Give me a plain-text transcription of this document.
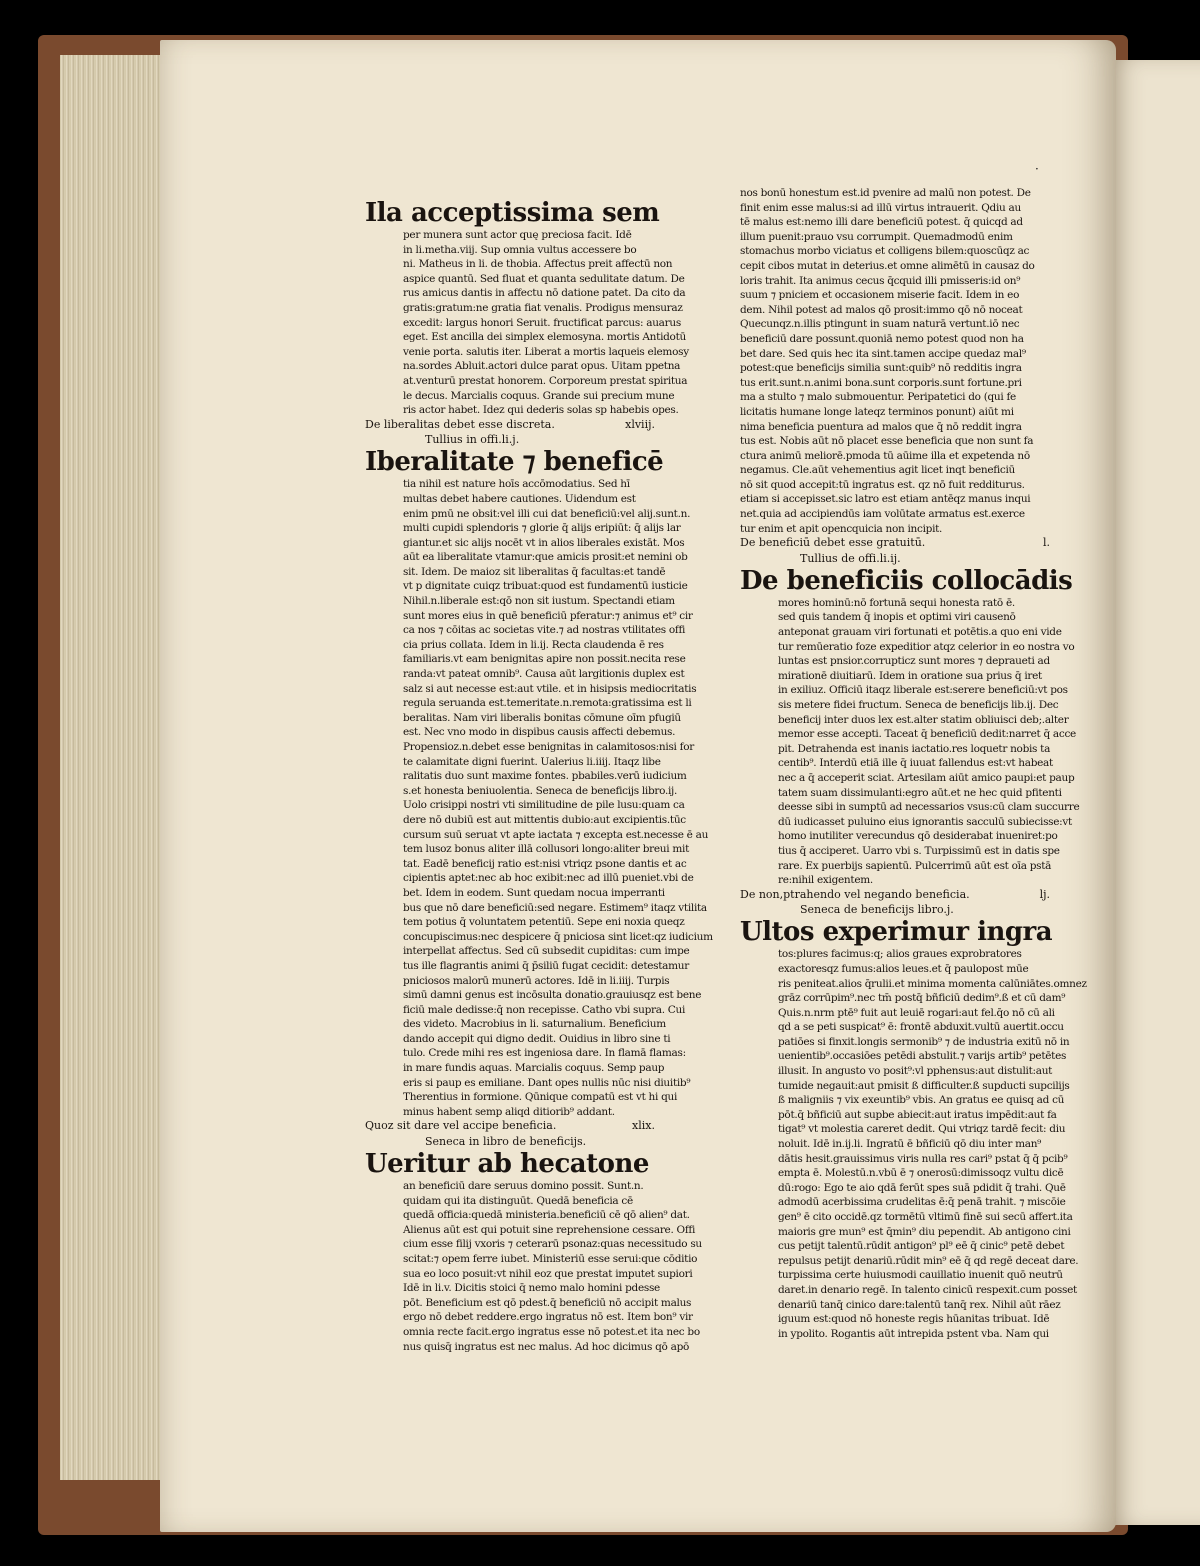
·
Ila acceptissima sem
per munera sunt actor quę preciosa facit. Idē
in li.metha.viij. Sup omnia vultus accessere bo
ni. Matheus in li. de thobia. Affectus preit affectū non
aspice quantū. Sed fluat et quanta sedulitate datum. De
rus amicus dantis in affectu nō datione patet. Da cito da
gratis:gratum:ne gratia fiat venalis. Prodigus mensuraz
excedit: largus honori Seruit. fructificat parcus: auarus
eget. Est ancilla dei simplex elemosyna. mortis Antidotū
venie porta. salutis iter. Liberat a mortis laqueis elemosy
na.sordes Abluit.actori dulce parat opus. Uitam ppetna
at.venturū prestat honorem. Corporeum prestat spiritua
le decus. Marcialis coquus. Grande sui precium mune
ris actor habet. Idez qui dederis solas sp habebis opes.
De liberalitas debet esse discreta.	xlviij.
Tullius in offi.li.j.
Iberalitate ⁊ beneficē
tia nihil est nature hoīs accōmodatius. Sed hī
multas debet habere cautiones. Uidendum est
enim pmū ne obsit:vel illi cui dat beneficiū:vel alij.sunt.n.
multi cupidi splendoris ⁊ glorie q̄ alijs eripiūt: q̄ alijs lar
giantur.et sic alijs nocēt vt in alios liberales existāt. Mos
aūt ea liberalitate vtamur:que amicis prosit:et nemini ob
sit. Idem. De maioz sit liberalitas q̄ facultas:et tandē
vt p dignitate cuiqz tribuat:quod est fundamentū iusticie
Nihil.n.liberale est:qō non sit iustum. Spectandi etiam
sunt mores eius in quē beneficiū pferatur:⁊ animus et⁹ cir
ca nos ⁊ cōitas ac societas vite.⁊ ad nostras vtilitates offi
cia prius collata. Idem in li.ij. Recta claudenda ē res
familiaris.vt eam benignitas apire non possit.necita rese
randa:vt pateat omnib⁹. Causa aūt largitionis duplex est
salz si aut necesse est:aut vtile. et in hisipsis mediocritatis
regula seruanda est.temeritate.n.remota:gratissima est li
beralitas. Nam viri liberalis bonitas cōmune oīm pfugiū
est. Nec vno modo in dispibus causis affecti debemus.
Propensioz.n.debet esse benignitas in calamitosos:nisi for
te calamitate digni fuerint. Ualerius li.iiij. Itaqz libe
ralitatis duo sunt maxime fontes. pbabiles.verū iudicium
s.et honesta beniuolentia. Seneca de beneficijs libro.ij.
Uolo crisippi nostri vti similitudine de pile lusu:quam ca
dere nō dubiū est aut mittentis dubio:aut excipientis.tūc
cursum suū seruat vt apte iactata ⁊ excepta est.necesse ē au
tem lusoz bonus aliter illā collusori longo:aliter breui mit
tat. Eadē beneficij ratio est:nisi vtriqz psone dantis et ac
cipientis aptet:nec ab hoc exibit:nec ad illū pueniet.vbi de
bet. Idem in eodem. Sunt quedam nocua imperranti
bus que nō dare beneficiū:sed negare. Estimem⁹ itaqz vtilita
tem potius q̄ voluntatem petentiū. Sepe eni noxia queqz
concupiscimus:nec despicere q̄ pniciosa sint licet:qz iudicium
interpellat affectus. Sed cū subsedit cupiditas: cum impe
tus ille flagrantis animi q̄ p̄siliū fugat cecidit: detestamur
pniciosos malorū munerū actores. Idē in li.iiij. Turpis
simū damni genus est incōsulta donatio.grauiusqz est bene
ficiū male dedisse:q̄ non recepisse. Catho vbi supra. Cui
des videto. Macrobius in li. saturnalium. Beneficium
dando accepit qui digno dedit. Ouidius in libro sine ti
tulo. Crede mihi res est ingeniosa dare. In flamā flamas:
in mare fundis aquas. Marcialis coquus. Semp paup
eris si paup es emiliane. Dant opes nullis nūc nisi diuitib⁹
Therentius in formione. Qūnique compatū est vt hi qui
minus habent semp aliqd ditiorib⁹ addant.
Quoz sit dare vel accipe beneficia.	xlix.
Seneca in libro de beneficijs.
Ueritur ab hecatone
an beneficiū dare seruus domino possit. Sunt.n.
quidam qui ita distinguūt. Quedā beneficia cē
quedā officia:quedā ministeria.beneficiū cē qō alien⁹ dat.
Alienus aūt est qui potuit sine reprehensione cessare. Offi
cium esse filij vxoris ⁊ ceterarū psonaz:quas necessitudo su
scitat:⁊ opem ferre iubet. Ministeriū esse serui:que cōditio
sua eo loco posuit:vt nihil eoz que prestat imputet supiori
Idē in li.v. Dicitis stoici q̄ nemo malo homini pdesse
pōt. Beneficium est qō pdest.q̄ beneficiū nō accipit malus
ergo nō debet reddere.ergo ingratus nō est. Item bon⁹ vir
omnia recte facit.ergo ingratus esse nō potest.et ita nec bo
nus quisq̄ ingratus est nec malus. Ad hoc dicimus qō apō
nos bonū honestum est.id pvenire ad malū non potest. De
finit enim esse malus:si ad illū virtus intrauerit. Qdiu au
tē malus est:nemo illi dare beneficiū potest. q̄ quicqd ad
illum puenit:prauo vsu corrumpit. Quemadmodū enim
stomachus morbo viciatus et colligens bilem:quoscūqz ac
cepit cibos mutat in deterius.et omne alimētū in causaz do
loris trahit. Ita animus cecus q̄cquid illi pmisseris:id on⁹
suum ⁊ pniciem et occasionem miserie facit. Idem in eo
dem. Nihil potest ad malos qō prosit:immo qō nō noceat
Quecunqz.n.illis ptingunt in suam naturā vertunt.iō nec
beneficiū dare possunt.quoniā nemo potest quod non ha
bet dare. Sed quis hec ita sint.tamen accipe quedaz mal⁹
potest:que beneficijs similia sunt:quib⁹ nō redditis ingra
tus erit.sunt.n.animi bona.sunt corporis.sunt fortune.pri
ma a stulto ⁊ malo submouentur. Peripatetici do (qui fe
licitatis humane longe lateqz terminos ponunt) aiūt mi
nima beneficia puentura ad malos que q̄ nō reddit ingra
tus est. Nobis aūt nō placet esse beneficia que non sunt fa
ctura animū meliorē.pmoda tū aūime illa et expetenda nō
negamus. Cle.aūt vehementius agit licet inqt beneficiū
nō sit quod accepit:tū ingratus est. qz nō fuit redditurus.
etiam si accepisset.sic latro est etiam antēqz manus inqui
net.quia ad accipiendūs iam volūtate armatus est.exerce
tur enim et apit opencquicia non incipit.
De beneficiū debet esse gratuitū.	l.
Tullius de offi.li.ij.
De beneficiis collocādis
mores hominū:nō fortunā sequi honesta ratō ē.
sed quis tandem q̄ inopis et optimi viri causenō
anteponat grauam viri fortunati et potētis.a quo eni vide
tur remūeratio foze expeditior atqz celerior in eo nostra vo
luntas est pnsior.corrupticz sunt mores ⁊ depraueti ad
mirationē diuitiarū. Idem in oratione sua prius q̄ iret
in exiliuz. Officiū itaqz liberale est:serere beneficiū:vt pos
sis metere fidei fructum. Seneca de beneficijs lib.ij. Dec
beneficij inter duos lex est.alter statim obliuisci deb;.alter
memor esse accepti. Taceat q̄ beneficiū dedit:narret q̄ acce
pit. Detrahenda est inanis iactatio.res loquetr nobis ta
centib⁹. Interdū etiā ille q̄ iuuat fallendus est:vt habeat
nec a q̄ acceperit sciat. Artesilam aiūt amico paupi:et paup
tatem suam dissimulanti:egro aūt.et ne hec quid pfitenti
deesse sibi in sumptū ad necessarios vsus:cū clam succurre
dū iudicasset puluino eius ignorantis sacculū subiecisse:vt
homo inutiliter verecundus qō desiderabat inueniret:po
tius q̄ acciperet. Uarro vbi s. Turpissimū est in datis spe
rare. Ex puerbijs sapientū. Pulcerrimū aūt est oīa pstā
re:nihil exigentem.
De non,ptrahendo vel negando beneficia.	lj.
Seneca de beneficijs libro.j.
Ultos experimur ingra
tos:plures facimus:q; alios graues exprobratores
exactoresqz fumus:alios leues.et q̄ paulopost mūe
ris peniteat.alios q̄rulii.et minima momenta calūniātes.omnez
grāz corrūpim⁹.nec tm̄ postq̄ bñficiū dedim⁹.ß et cū dam⁹
Quis.n.nrm ptē⁹ fuit aut leuiē rogari:aut fel.q̄o nō cū ali
qd a se peti suspicat⁹ ē: frontē abduxit.vultū auertit.occu
patiōes si finxit.longis sermonib⁹ ⁊ de industria exitū nō in
uenientib⁹.occasiōes petēdi abstulit.⁊ varijs artib⁹ petētes
illusit. In angusto vo posit⁹:vl pphensus:aut distulit:aut
tumide negauit:aut pmisit ß difficulter.ß supducti supcilijs
ß maligniis ⁊ vix exeuntib⁹ vbis. An gratus ee quisq ad cū
pōt.q̄ bñficiū aut supbe abiecit:aut iratus impēdit:aut fa
tigat⁹ vt molestia careret dedit. Qui vtriqz tardē fecit: diu
noluit. Idē in.ij.li. Ingratū ē bñficiū qō diu inter man⁹
dātis hesit.grauissimus viris nulla res cari⁹ pstat q̄ q̄ pcib⁹
empta ē. Molestū.n.vbū ē ⁊ onerosū:dimissoqz vultu dicē
dū:rogo: Ego te aio qdā ferūt spes suā pdidit q̄ trahi. Quē
admodū acerbissima crudelitas ē:q̄ penā trahit. ⁊ miscōie
gen⁹ ē cito occidē.qz tormētū vltimū finē sui secū affert.ita
maioris gre mun⁹ est q̄min⁹ diu pependit. Ab antigono cini
cus petijt talentū.rūdit antigon⁹ pl⁹ eē q̄ cinic⁹ petē debet
repulsus petijt denariū.rūdit min⁹ eē q̄ qd regē deceat dare.
turpissima certe huiusmodi cauillatio inuenit quō neutrū
daret.in denario regē. In talento cinicū respexit.cum posset
denariū tanq̄ cinico dare:talentū tanq̄ rex. Nihil aūt rāez
iguum est:quod nō honeste regis hūanitas tribuat. Idē
in ypolito. Rogantis aūt intrepida pstent vba. Nam qui
